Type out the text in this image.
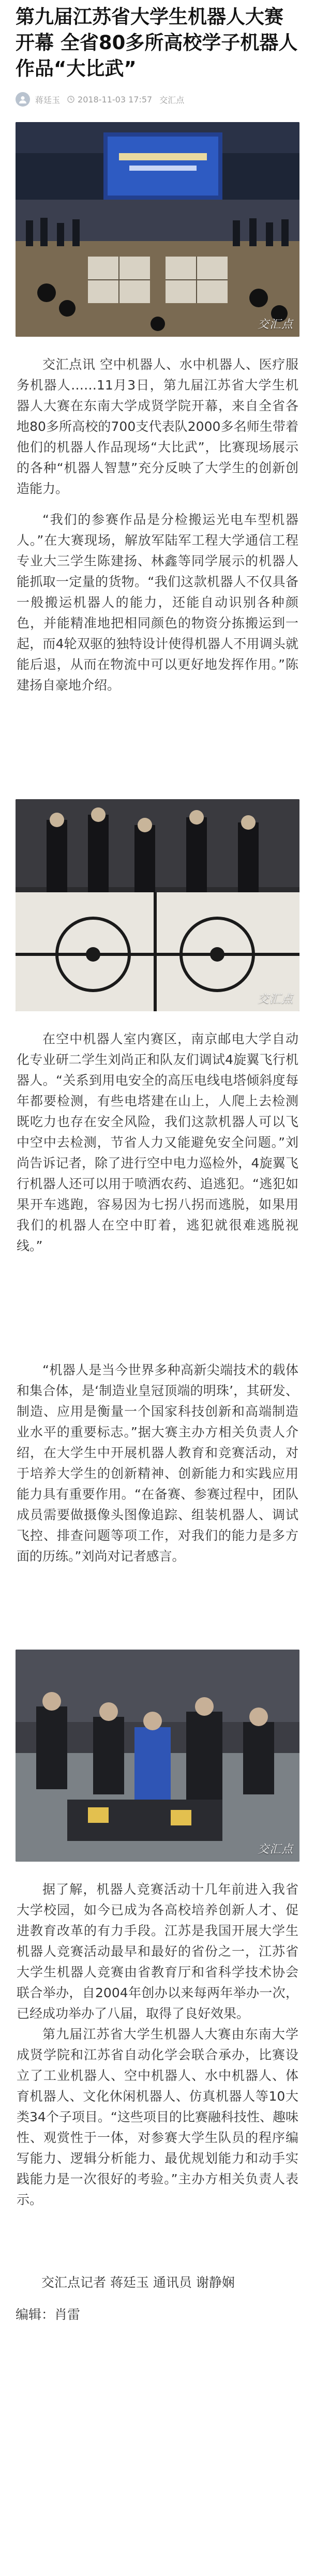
第九届江苏省大学生机器人大赛开幕 全省80多所高校学子机器人作品“大比武”
蒋廷玉 2018-11-03 17:57 交汇点
交汇点

交汇点讯 空中机器人、水中机器人、医疗服务机器人……11月3日，第九届江苏省大学生机器人大赛在东南大学成贤学院开幕，来自全省各地80多所高校的700支代表队2000多名师生带着他们的机器人作品现场“大比武”，比赛现场展示的各种“机器人智慧”充分反映了大学生的创新创造能力。

“我们的参赛作品是分检搬运光电车型机器人。”在大赛现场，解放军陆军工程大学通信工程专业大三学生陈建扬、林鑫等同学展示的机器人能抓取一定量的货物。“我们这款机器人不仅具备一般搬运机器人的能力，还能自动识别各种颜色，并能精准地把相同颜色的物资分拣搬运到一起，而4轮双驱的独特设计使得机器人不用调头就能后退，从而在物流中可以更好地发挥作用。”陈建扬自豪地介绍。

交汇点

在空中机器人室内赛区，南京邮电大学自动化专业研二学生刘尚正和队友们调试4旋翼飞行机器人。“关系到用电安全的高压电线电塔倾斜度每年都要检测，有些电塔建在山上，人爬上去检测既吃力也存在安全风险，我们这款机器人可以飞中空中去检测，节省人力又能避免安全问题。”刘尚告诉记者，除了进行空中电力巡检外，4旋翼飞行机器人还可以用于喷洒农药、追逃犯。“逃犯如果开车逃跑，容易因为七拐八拐而逃脱，如果用我们的机器人在空中盯着，逃犯就很难逃脱视线。”

“机器人是当今世界多种高新尖端技术的载体和集合体，是‘制造业皇冠顶端的明珠’，其研发、制造、应用是衡量一个国家科技创新和高端制造业水平的重要标志。”据大赛主办方相关负责人介绍，在大学生中开展机器人教育和竞赛活动，对于培养大学生的创新精神、创新能力和实践应用能力具有重要作用。“在备赛、参赛过程中，团队成员需要做摄像头图像追踪、组装机器人、调试飞控、排查问题等项工作，对我们的能力是多方面的历练。”刘尚对记者感言。

交汇点

据了解，机器人竞赛活动十几年前进入我省大学校园，如今已成为各高校培养创新人才、促进教育改革的有力手段。江苏是我国开展大学生机器人竞赛活动最早和最好的省份之一，江苏省大学生机器人竞赛由省教育厅和省科学技术协会联合举办，自2004年创办以来每两年举办一次，已经成功举办了八届，取得了良好效果。

第九届江苏省大学生机器人大赛由东南大学成贤学院和江苏省自动化学会联合承办，比赛设立了工业机器人、空中机器人、水中机器人、体育机器人、文化休闲机器人、仿真机器人等10大类34个子项目。“这些项目的比赛融科技性、趣味性、观赏性于一体，对参赛大学生队员的程序编写能力、逻辑分析能力、最优规划能力和动手实践能力是一次很好的考验。”主办方相关负责人表示。

交汇点记者 蒋廷玉 通讯员 谢静娴

编辑：肖雷
